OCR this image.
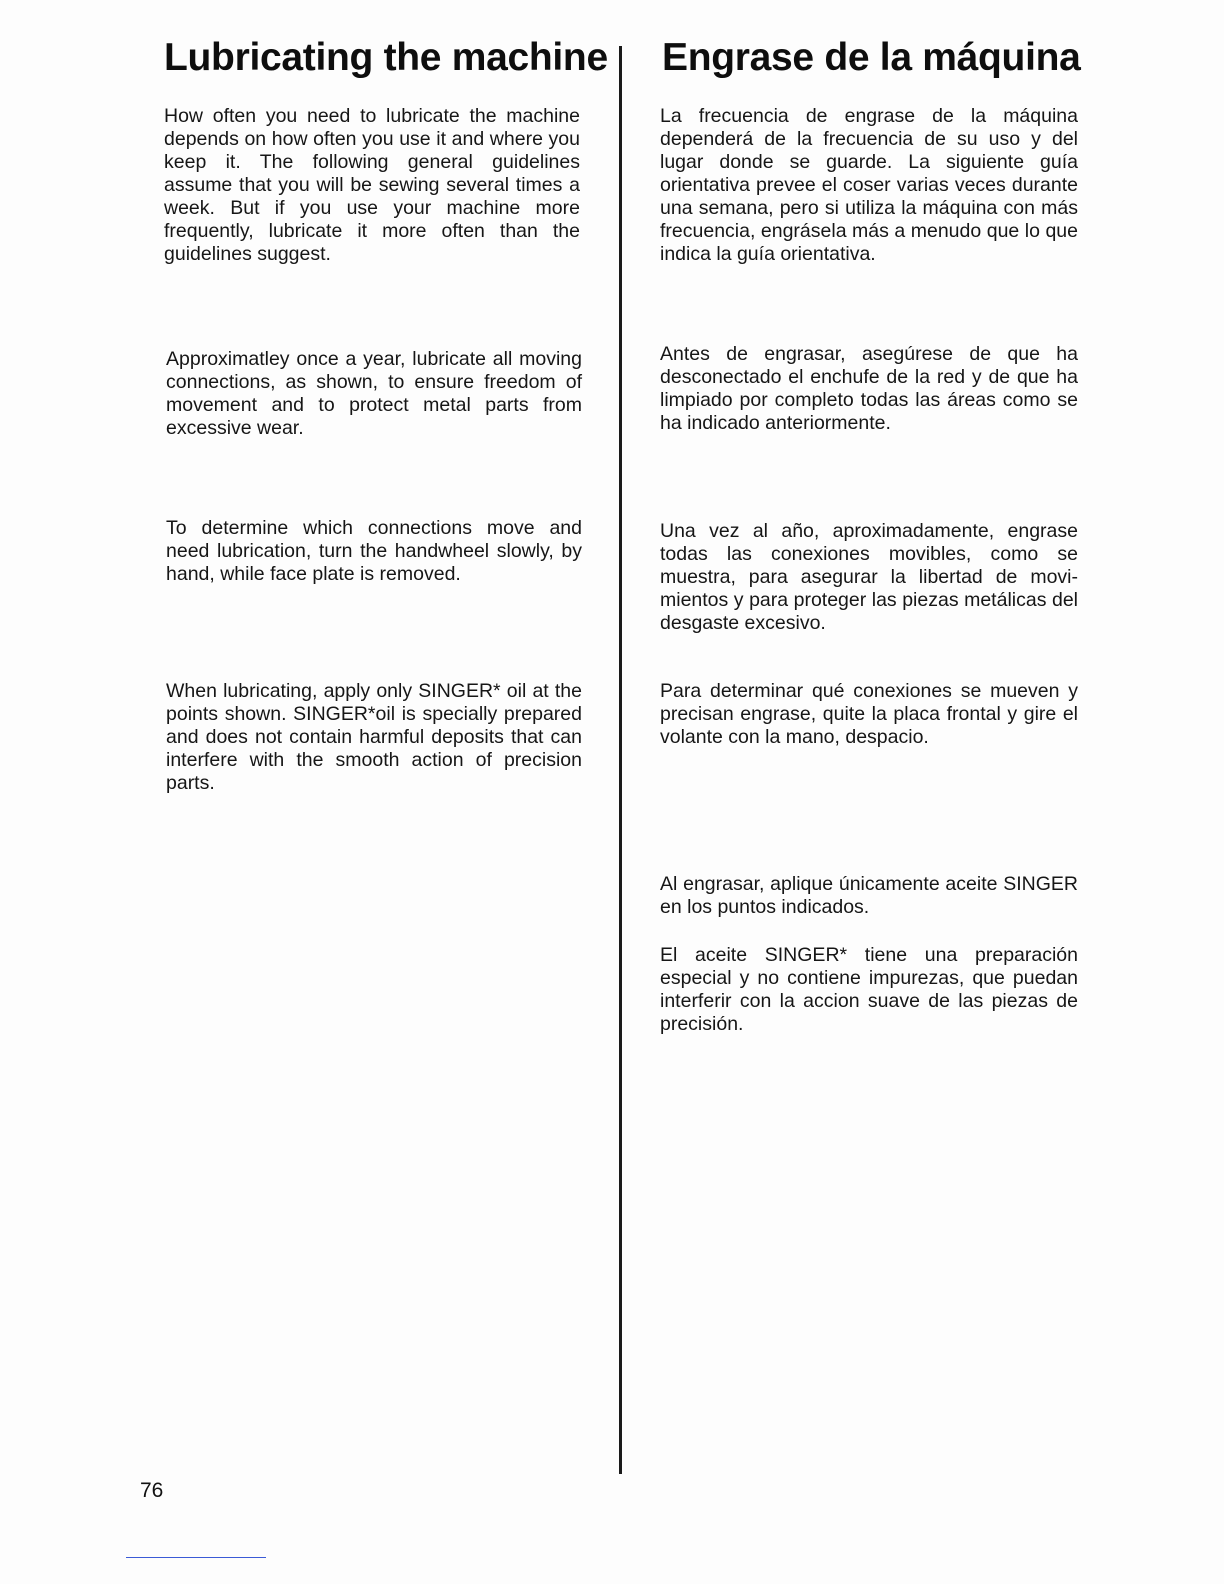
Lubricating the machine

How often you need to lubricate the machine depends on how often you use it and where you keep it. The following general guidelines assume that you will be sewing several times a week. But if you use your machine more frequently, lubricate it more often than the guidelines suggest.

Approximatley once a year, lubricate all moving connections, as shown, to ensure freedom of movement and to protect metal parts from excessive wear.

To determine which connections move and need lubrication, turn the handwheel slowly, by hand, while face plate is removed.

When lubricating, apply only SINGER* oil at the points shown. SINGER*oil is specially prepared and does not contain harmful deposits that can interfere with the smooth action of precision parts.

Engrase de la máquina

La frecuencia de engrase de la máquina dependerá de la frecuencia de su uso y del lugar donde se guarde. La siguiente guía orientativa prevee el coser varias veces durante una semana, pero si utiliza la máquina con más frecuencia, engrásela más a menudo que lo que indica la guía orientativa.

Antes de engrasar, asegúrese de que ha desconectado el enchufe de la red y de que ha limpiado por completo todas las áreas como se ha indicado anteriormente.

Una vez al año, aproximadamente, engrase todas las conexiones movibles, como se muestra, para asegurar la libertad de movi- mientos y para proteger las piezas metálicas del desgaste excesivo.

Para determinar qué conexiones se mueven y precisan engrase, quite la placa frontal y gire el volante con la mano, despacio.

Al engrasar, aplique únicamente aceite SINGER en los puntos indicados.

El aceite SINGER* tiene una preparación especial y no contiene impurezas, que puedan interferir con la accion suave de las piezas de precisión.

76
